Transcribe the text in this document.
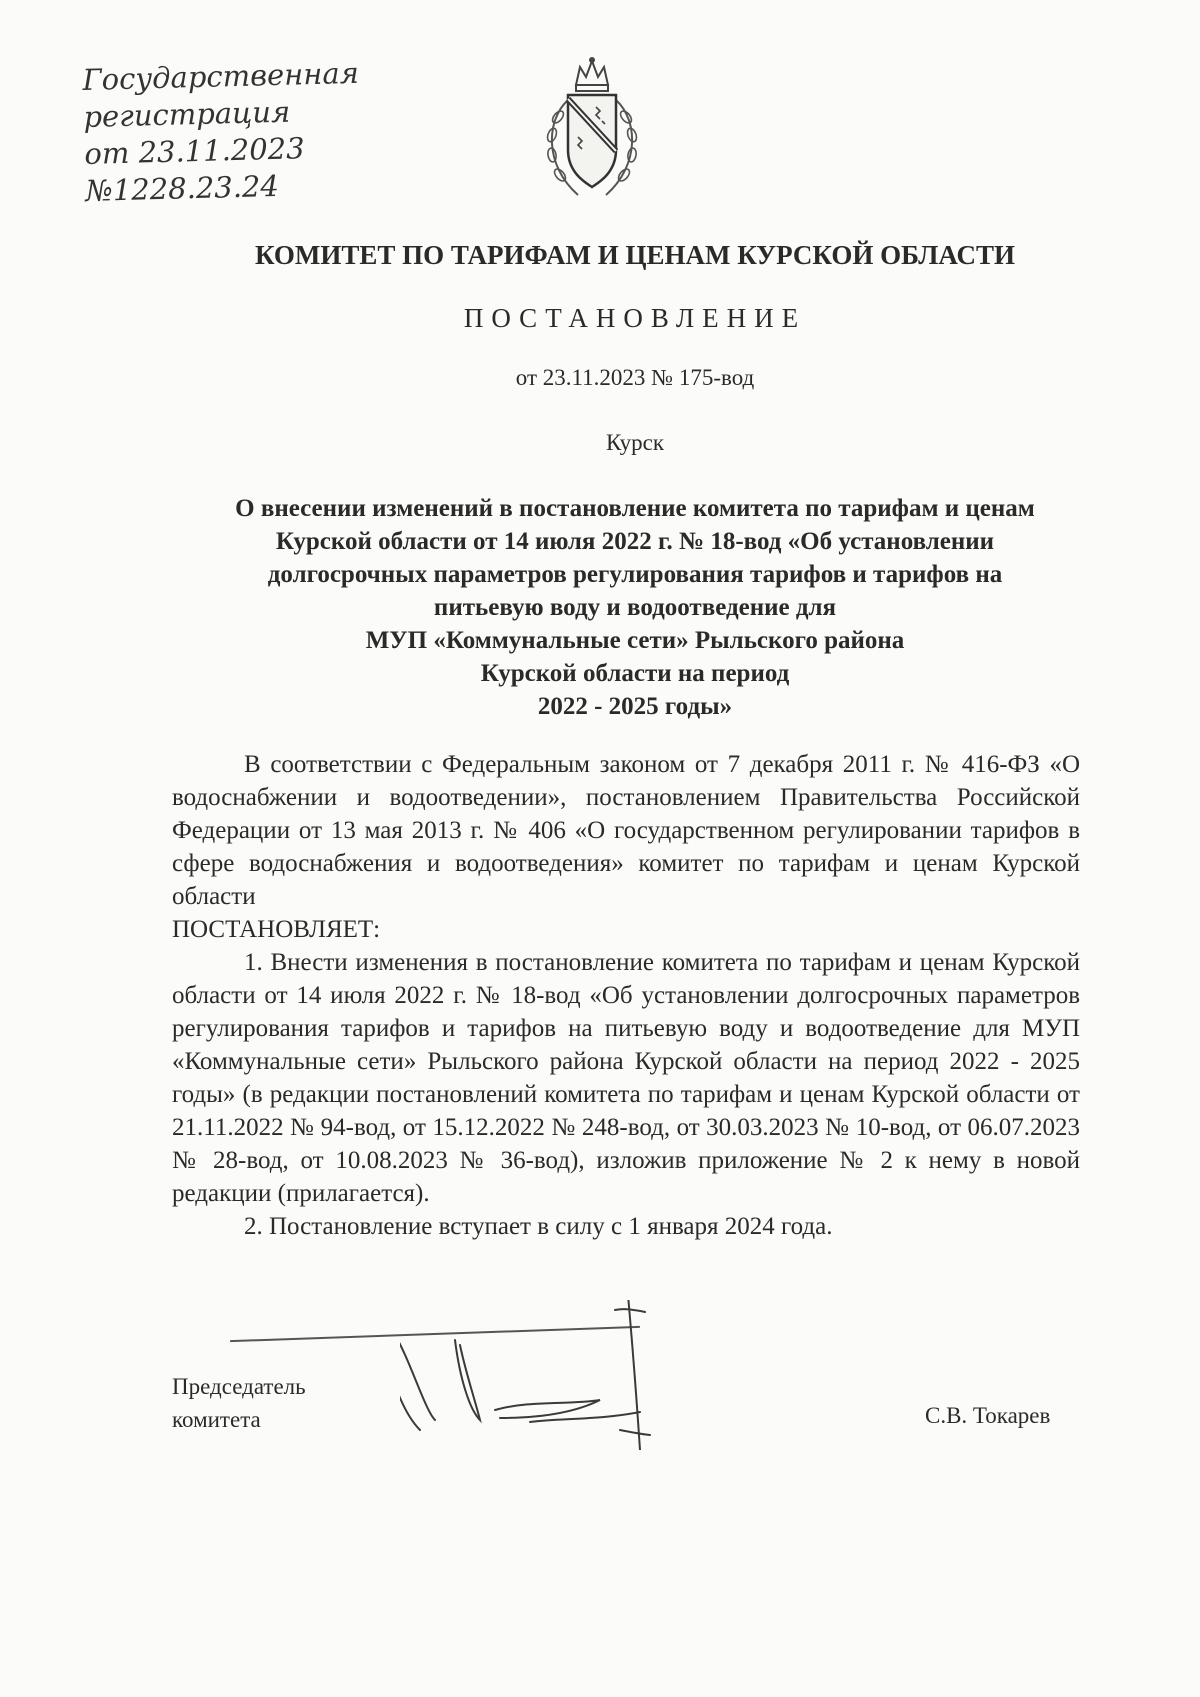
Государственная
регистрация
от 23.11.2023
№1228.23.24
КОМИТЕТ ПО ТАРИФАМ И ЦЕНАМ КУРСКОЙ ОБЛАСТИ
ПОСТАНОВЛЕНИЕ
от 23.11.2023 № 175-вод
Курск
О внесении изменений в постановление комитета по тарифам и ценам
Курской области от 14 июля 2022 г. № 18-вод «Об установлении
долгосрочных параметров регулирования тарифов и тарифов на
питьевую воду и водоотведение для
МУП «Коммунальные сети» Рыльского района
Курской области на период
2022 - 2025 годы»

В соответствии с Федеральным законом от 7 декабря 2011 г. № 416-ФЗ «О водоснабжении и водоотведении», постановлением Правительства Российской Федерации от 13 мая 2013 г. № 406 «О государственном регулировании тарифов в сфере водоснабжения и водоотведения» комитет по тарифам и ценам Курской области
ПОСТАНОВЛЯЕТ:

1. Внести изменения в постановление комитета по тарифам и ценам Курской области от 14 июля 2022 г. № 18-вод «Об установлении долгосрочных параметров регулирования тарифов и тарифов на питьевую воду и водоотведение для МУП «Коммунальные сети» Рыльского района Курской области на период 2022 - 2025 годы» (в редакции постановлений комитета по тарифам и ценам Курской области от 21.11.2022 № 94-вод, от 15.12.2022 № 248-вод, от 30.03.2023 № 10-вод, от 06.07.2023 № 28-вод, от 10.08.2023 № 36-вод), изложив приложение № 2 к нему в новой редакции (прилагается).

2. Постановление вступает в силу с 1 января 2024 года.

Председатель
комитета	С.В. Токарев
